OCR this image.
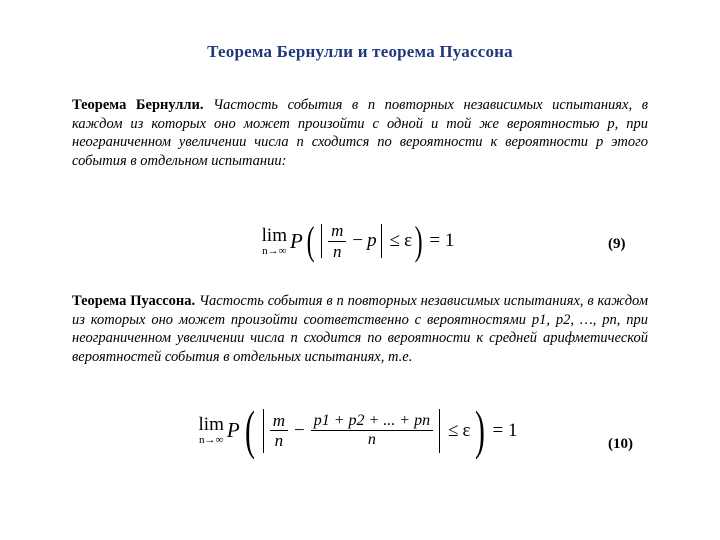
Теорема Бернулли и теорема Пуассона
Теорема Бернулли. Частость события в n повторных независимых испытаниях, в каждом из которых оно может произойти с одной и той же вероятностью p, при неограниченном увеличении числа n сходится по вероятности к вероятности p этого события в отдельном испытании:
lim
n→∞ P ( $\frac{m}{n} - p \le \varepsilon$ ) = 1	(9)
Теорема Пуассона. Частость события в n повторных независимых испытаниях, в каждом из которых оно может произойти соответственно с вероятностями p1, p2, …, pn, при неограниченном увеличении числа n сходится по вероятности к средней арифметической вероятностей события в отдельных испытаниях, т.е.
lim
n→∞ P ( $\frac{m}{n} - \frac{p1 + p2 + ... + pn}{n} \le \varepsilon$ ) = 1
(10)
